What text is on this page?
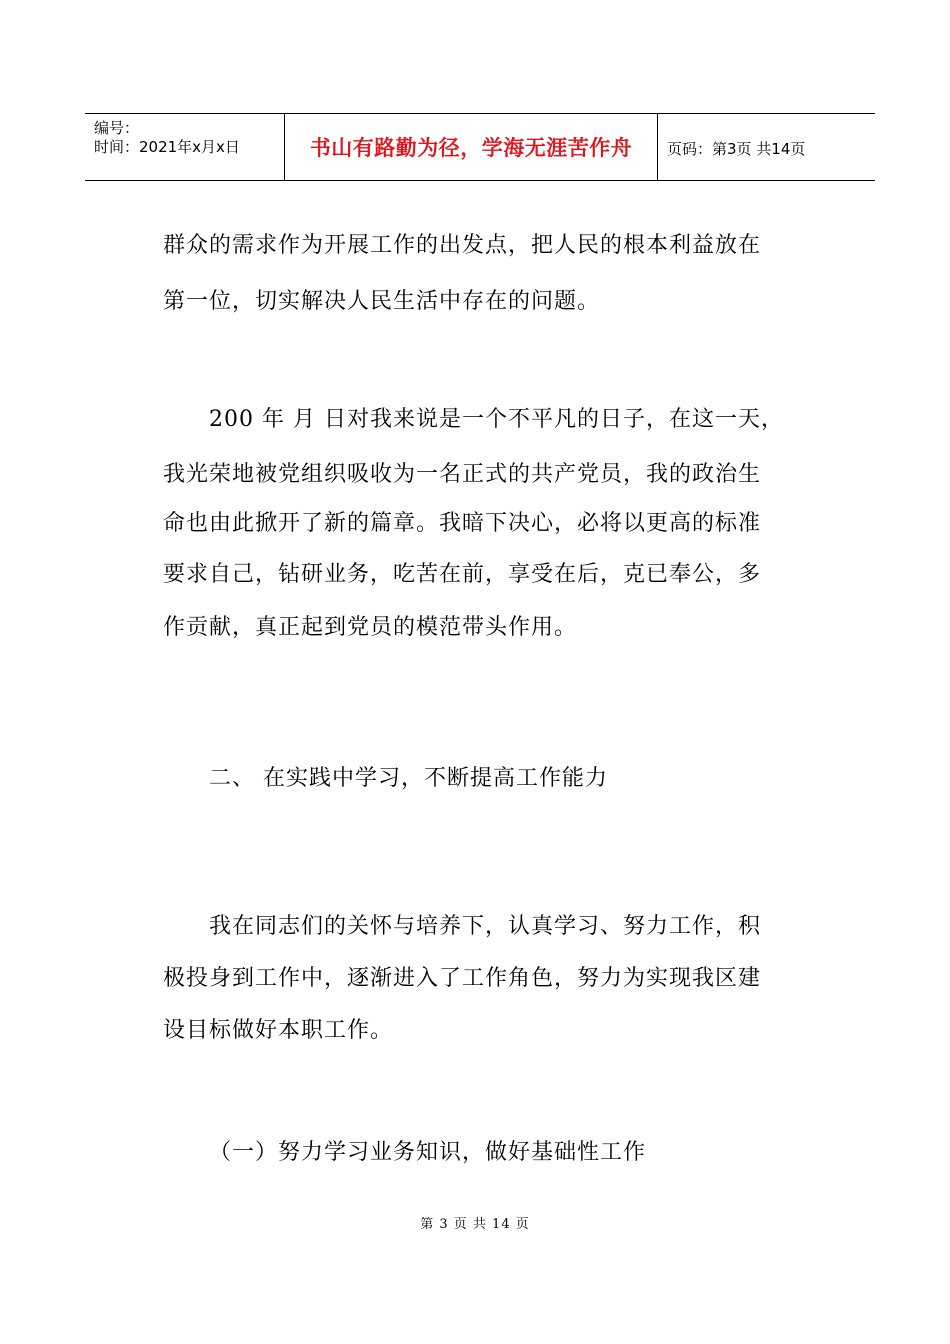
编号：
时间：2021年x月x日	书山有路勤为径，学海无涯苦作舟	页码：第3页 共14页
群众的需求作为开展工作的出发点，把人民的根本利益放在
第一位，切实解决人民生活中存在的问题。
200 年 月 日对我来说是一个不平凡的日子，在这一天，
我光荣地被党组织吸收为一名正式的共产党员，我的政治生
命也由此掀开了新的篇章。我暗下决心，必将以更高的标准
要求自己，钻研业务，吃苦在前，享受在后，克已奉公，多
作贡献，真正起到党员的模范带头作用。
二、 在实践中学习，不断提高工作能力
我在同志们的关怀与培养下，认真学习、努力工作，积
极投身到工作中，逐渐进入了工作角色，努力为实现我区建
设目标做好本职工作。
（一）努力学习业务知识，做好基础性工作
第 3 页 共 14 页
